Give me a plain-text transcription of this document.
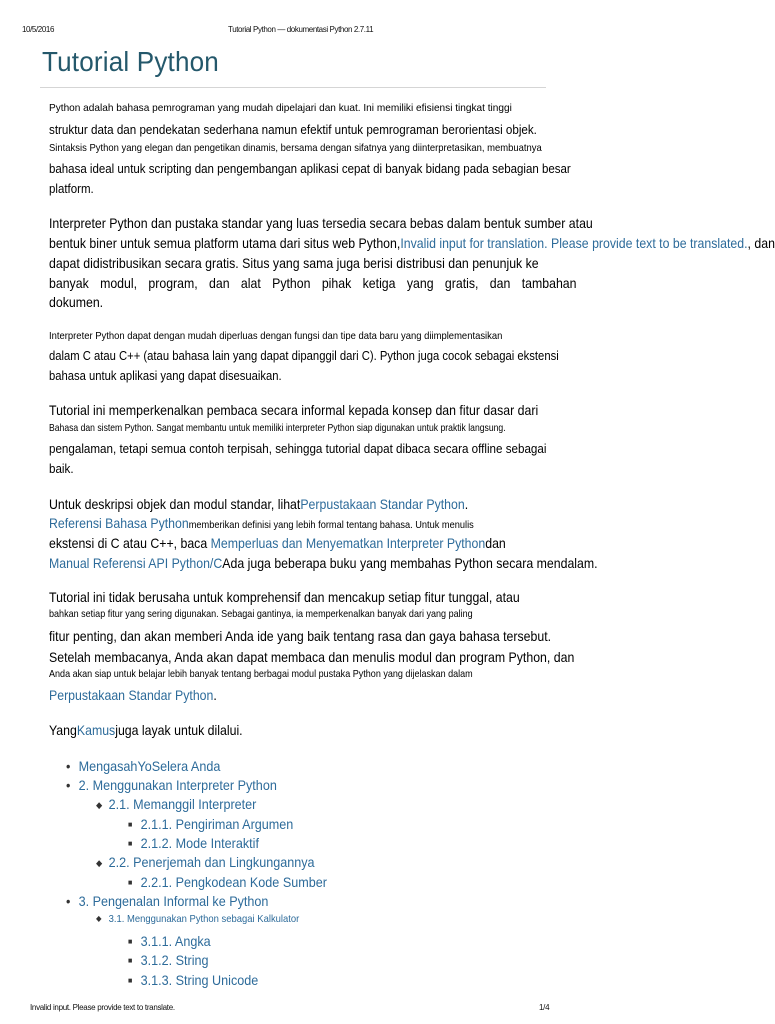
10/5/2016	Tutorial Python — dokumentasi Python 2.7.11
Tutorial Python
Python adalah bahasa pemrograman yang mudah dipelajari dan kuat. Ini memiliki efisiensi tingkat tinggi
struktur data dan pendekatan sederhana namun efektif untuk pemrograman berorientasi objek.
Sintaksis Python yang elegan dan pengetikan dinamis, bersama dengan sifatnya yang diinterpretasikan, membuatnya
bahasa ideal untuk scripting dan pengembangan aplikasi cepat di banyak bidang pada sebagian besar
platform.
Interpreter Python dan pustaka standar yang luas tersedia secara bebas dalam bentuk sumber atau
bentuk biner untuk semua platform utama dari situs web Python,Invalid input for translation. Please provide text to be translated., dan
dapat didistribusikan secara gratis. Situs yang sama juga berisi distribusi dan penunjuk ke
banyak modul, program, dan alat Python pihak ketiga yang gratis, dan tambahan
dokumen.
Interpreter Python dapat dengan mudah diperluas dengan fungsi dan tipe data baru yang diimplementasikan
dalam C atau C++ (atau bahasa lain yang dapat dipanggil dari C). Python juga cocok sebagai ekstensi
bahasa untuk aplikasi yang dapat disesuaikan.
Tutorial ini memperkenalkan pembaca secara informal kepada konsep dan fitur dasar dari
Bahasa dan sistem Python. Sangat membantu untuk memiliki interpreter Python siap digunakan untuk praktik langsung.
pengalaman, tetapi semua contoh terpisah, sehingga tutorial dapat dibaca secara offline sebagai
baik.
Untuk deskripsi objek dan modul standar, lihatPerpustakaan Standar Python.
Referensi Bahasa Pythonmemberikan definisi yang lebih formal tentang bahasa. Untuk menulis
ekstensi di C atau C++, baca Memperluas dan Menyematkan Interpreter Pythondan
Manual Referensi API Python/CAda juga beberapa buku yang membahas Python secara mendalam.
Tutorial ini tidak berusaha untuk komprehensif dan mencakup setiap fitur tunggal, atau
bahkan setiap fitur yang sering digunakan. Sebagai gantinya, ia memperkenalkan banyak dari yang paling
fitur penting, dan akan memberi Anda ide yang baik tentang rasa dan gaya bahasa tersebut.
Setelah membacanya, Anda akan dapat membaca dan menulis modul dan program Python, dan
Anda akan siap untuk belajar lebih banyak tentang berbagai modul pustaka Python yang dijelaskan dalam
Perpustakaan Standar Python.
YangKamusjuga layak untuk dilalui.
• MengasahYoSelera Anda
• 2. Menggunakan Interpreter Python
◆ 2.1. Memanggil Interpreter
■ 2.1.1. Pengiriman Argumen
■ 2.1.2. Mode Interaktif
◆ 2.2. Penerjemah dan Lingkungannya
■ 2.2.1. Pengkodean Kode Sumber
• 3. Pengenalan Informal ke Python
◆ 3.1. Menggunakan Python sebagai Kalkulator
■ 3.1.1. Angka
■ 3.1.2. String
■ 3.1.3. String Unicode
Invalid input. Please provide text to translate.	1/4
